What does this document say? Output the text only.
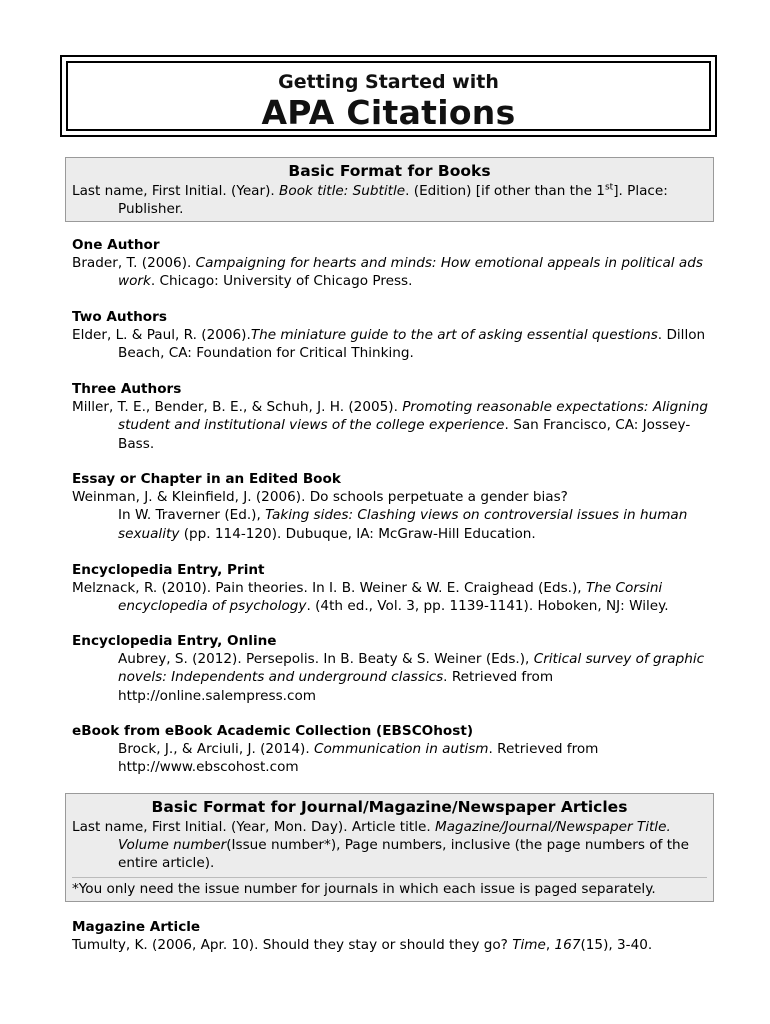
Getting Started with
APA Citations
Basic Format for Books
Last name, First Initial. (Year). Book title: Subtitle. (Edition) [if other than the 1st]. Place: Publisher.
One Author
Brader, T. (2006). Campaigning for hearts and minds: How emotional appeals in political ads work. Chicago: University of Chicago Press.
Two Authors
Elder, L. & Paul, R. (2006).The miniature guide to the art of asking essential questions. Dillon Beach, CA: Foundation for Critical Thinking.
Three Authors
Miller, T. E., Bender, B. E., & Schuh, J. H. (2005). Promoting reasonable expectations: Aligning student and institutional views of the college experience. San Francisco, CA: Jossey-Bass.
Essay or Chapter in an Edited Book
Weinman, J. & Kleinfield, J. (2006). Do schools perpetuate a gender bias?
In W. Traverner (Ed.), Taking sides: Clashing views on controversial issues in human sexuality (pp. 114-120). Dubuque, IA: McGraw-Hill Education.
Encyclopedia Entry, Print
Melznack, R. (2010). Pain theories. In I. B. Weiner & W. E. Craighead (Eds.), The Corsini encyclopedia of psychology. (4th ed., Vol. 3, pp. 1139-1141). Hoboken, NJ: Wiley.
Encyclopedia Entry, Online
Aubrey, S. (2012). Persepolis. In B. Beaty & S. Weiner (Eds.), Critical survey of graphic novels: Independents and underground classics. Retrieved from http://online.salempress.com
eBook from eBook Academic Collection (EBSCOhost)
Brock, J., & Arciuli, J. (2014). Communication in autism. Retrieved from http://www.ebscohost.com
Basic Format for Journal/Magazine/Newspaper Articles
Last name, First Initial. (Year, Mon. Day). Article title. Magazine/Journal/Newspaper Title. Volume number(Issue number*), Page numbers, inclusive (the page numbers of the entire article).
*You only need the issue number for journals in which each issue is paged separately.
Magazine Article
Tumulty, K. (2006, Apr. 10). Should they stay or should they go? Time, 167(15), 3-40.
